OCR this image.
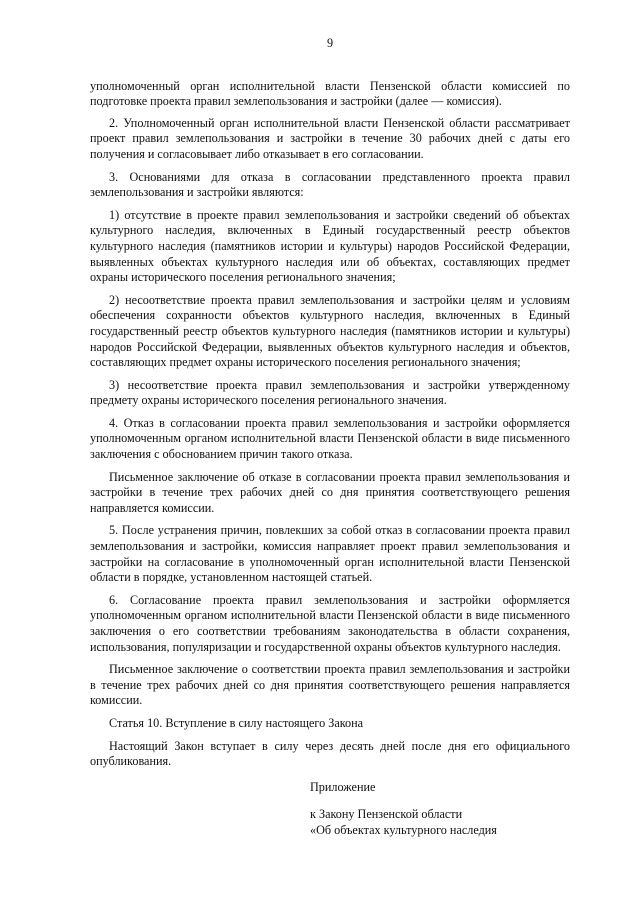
9

уполномоченный орган исполнительной власти Пензенской области комиссией по подготовке проекта правил землепользования и застройки (далее — комиссия).

2. Уполномоченный орган исполнительной власти Пензенской области рассматривает проект правил землепользования и застройки в течение 30 рабочих дней с даты его получения и согласовывает либо отказывает в его согласовании.

3. Основаниями для отказа в согласовании представленного проекта правил землепользования и застройки являются:

1) отсутствие в проекте правил землепользования и застройки сведений об объектах культурного наследия, включенных в Единый государственный реестр объектов культурного наследия (памятников истории и культуры) народов Российской Федерации, выявленных объектах культурного наследия или об объектах, составляющих предмет охраны исторического поселения регионального значения;

2) несоответствие проекта правил землепользования и застройки целям и условиям обеспечения сохранности объектов культурного наследия, включенных в Единый государственный реестр объектов культурного наследия (памятников истории и культуры) народов Российской Федерации, выявленных объектов культурного наследия и объектов, составляющих предмет охраны исторического поселения регионального значения;

3) несоответствие проекта правил землепользования и застройки утвержденному предмету охраны исторического поселения регионального значения.

4. Отказ в согласовании проекта правил землепользования и застройки оформляется уполномоченным органом исполнительной власти Пензенской области в виде письменного заключения с обоснованием причин такого отказа.

Письменное заключение об отказе в согласовании проекта правил землепользования и застройки в течение трех рабочих дней со дня принятия соответствующего решения направляется комиссии.

5. После устранения причин, повлекших за собой отказ в согласовании проекта правил землепользования и застройки, комиссия направляет проект правил землепользования и застройки на согласование в уполномоченный орган исполнительной власти Пензенской области в порядке, установленном настоящей статьей.

6. Согласование проекта правил землепользования и застройки оформляется уполномоченным органом исполнительной власти Пензенской области в виде письменного заключения о его соответствии требованиям законодательства в области сохранения, использования, популяризации и государственной охраны объектов культурного наследия.

Письменное заключение о соответствии проекта правил землепользования и застройки в течение трех рабочих дней со дня принятия соответствующего решения направляется комиссии.

Статья 10. Вступление в силу настоящего Закона

Настоящий Закон вступает в силу через десять дней после дня его официального опубликования.

Приложение
к Закону Пензенской области
«Об объектах культурного наследия
